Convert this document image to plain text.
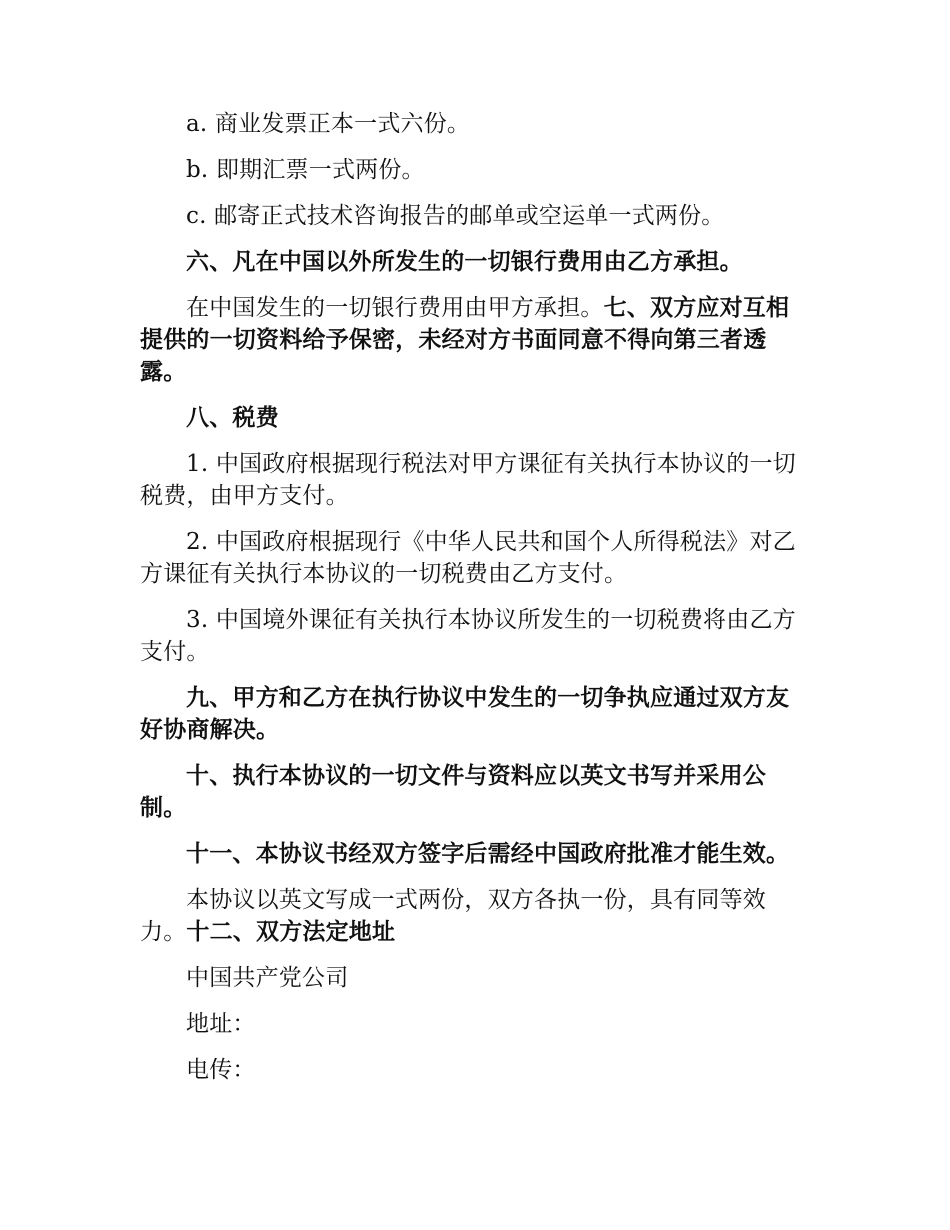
a. 商业发票正本一式六份。

b. 即期汇票一式两份。

c. 邮寄正式技术咨询报告的邮单或空运单一式两份。

六、凡在中国以外所发生的一切银行费用由乙方承担。

在中国发生的一切银行费用由甲方承担。七、双方应对互相提供的一切资料给予保密，未经对方书面同意不得向第三者透露。

八、税费

1. 中国政府根据现行税法对甲方课征有关执行本协议的一切税费，由甲方支付。

2. 中国政府根据现行《中华人民共和国个人所得税法》对乙方课征有关执行本协议的一切税费由乙方支付。

3. 中国境外课征有关执行本协议所发生的一切税费将由乙方支付。

九、甲方和乙方在执行协议中发生的一切争执应通过双方友好协商解决。

十、执行本协议的一切文件与资料应以英文书写并采用公制。

十一、本协议书经双方签字后需经中国政府批准才能生效。

本协议以英文写成一式两份，双方各执一份，具有同等效力。十二、双方法定地址

中国共产党公司

地址：

电传：
